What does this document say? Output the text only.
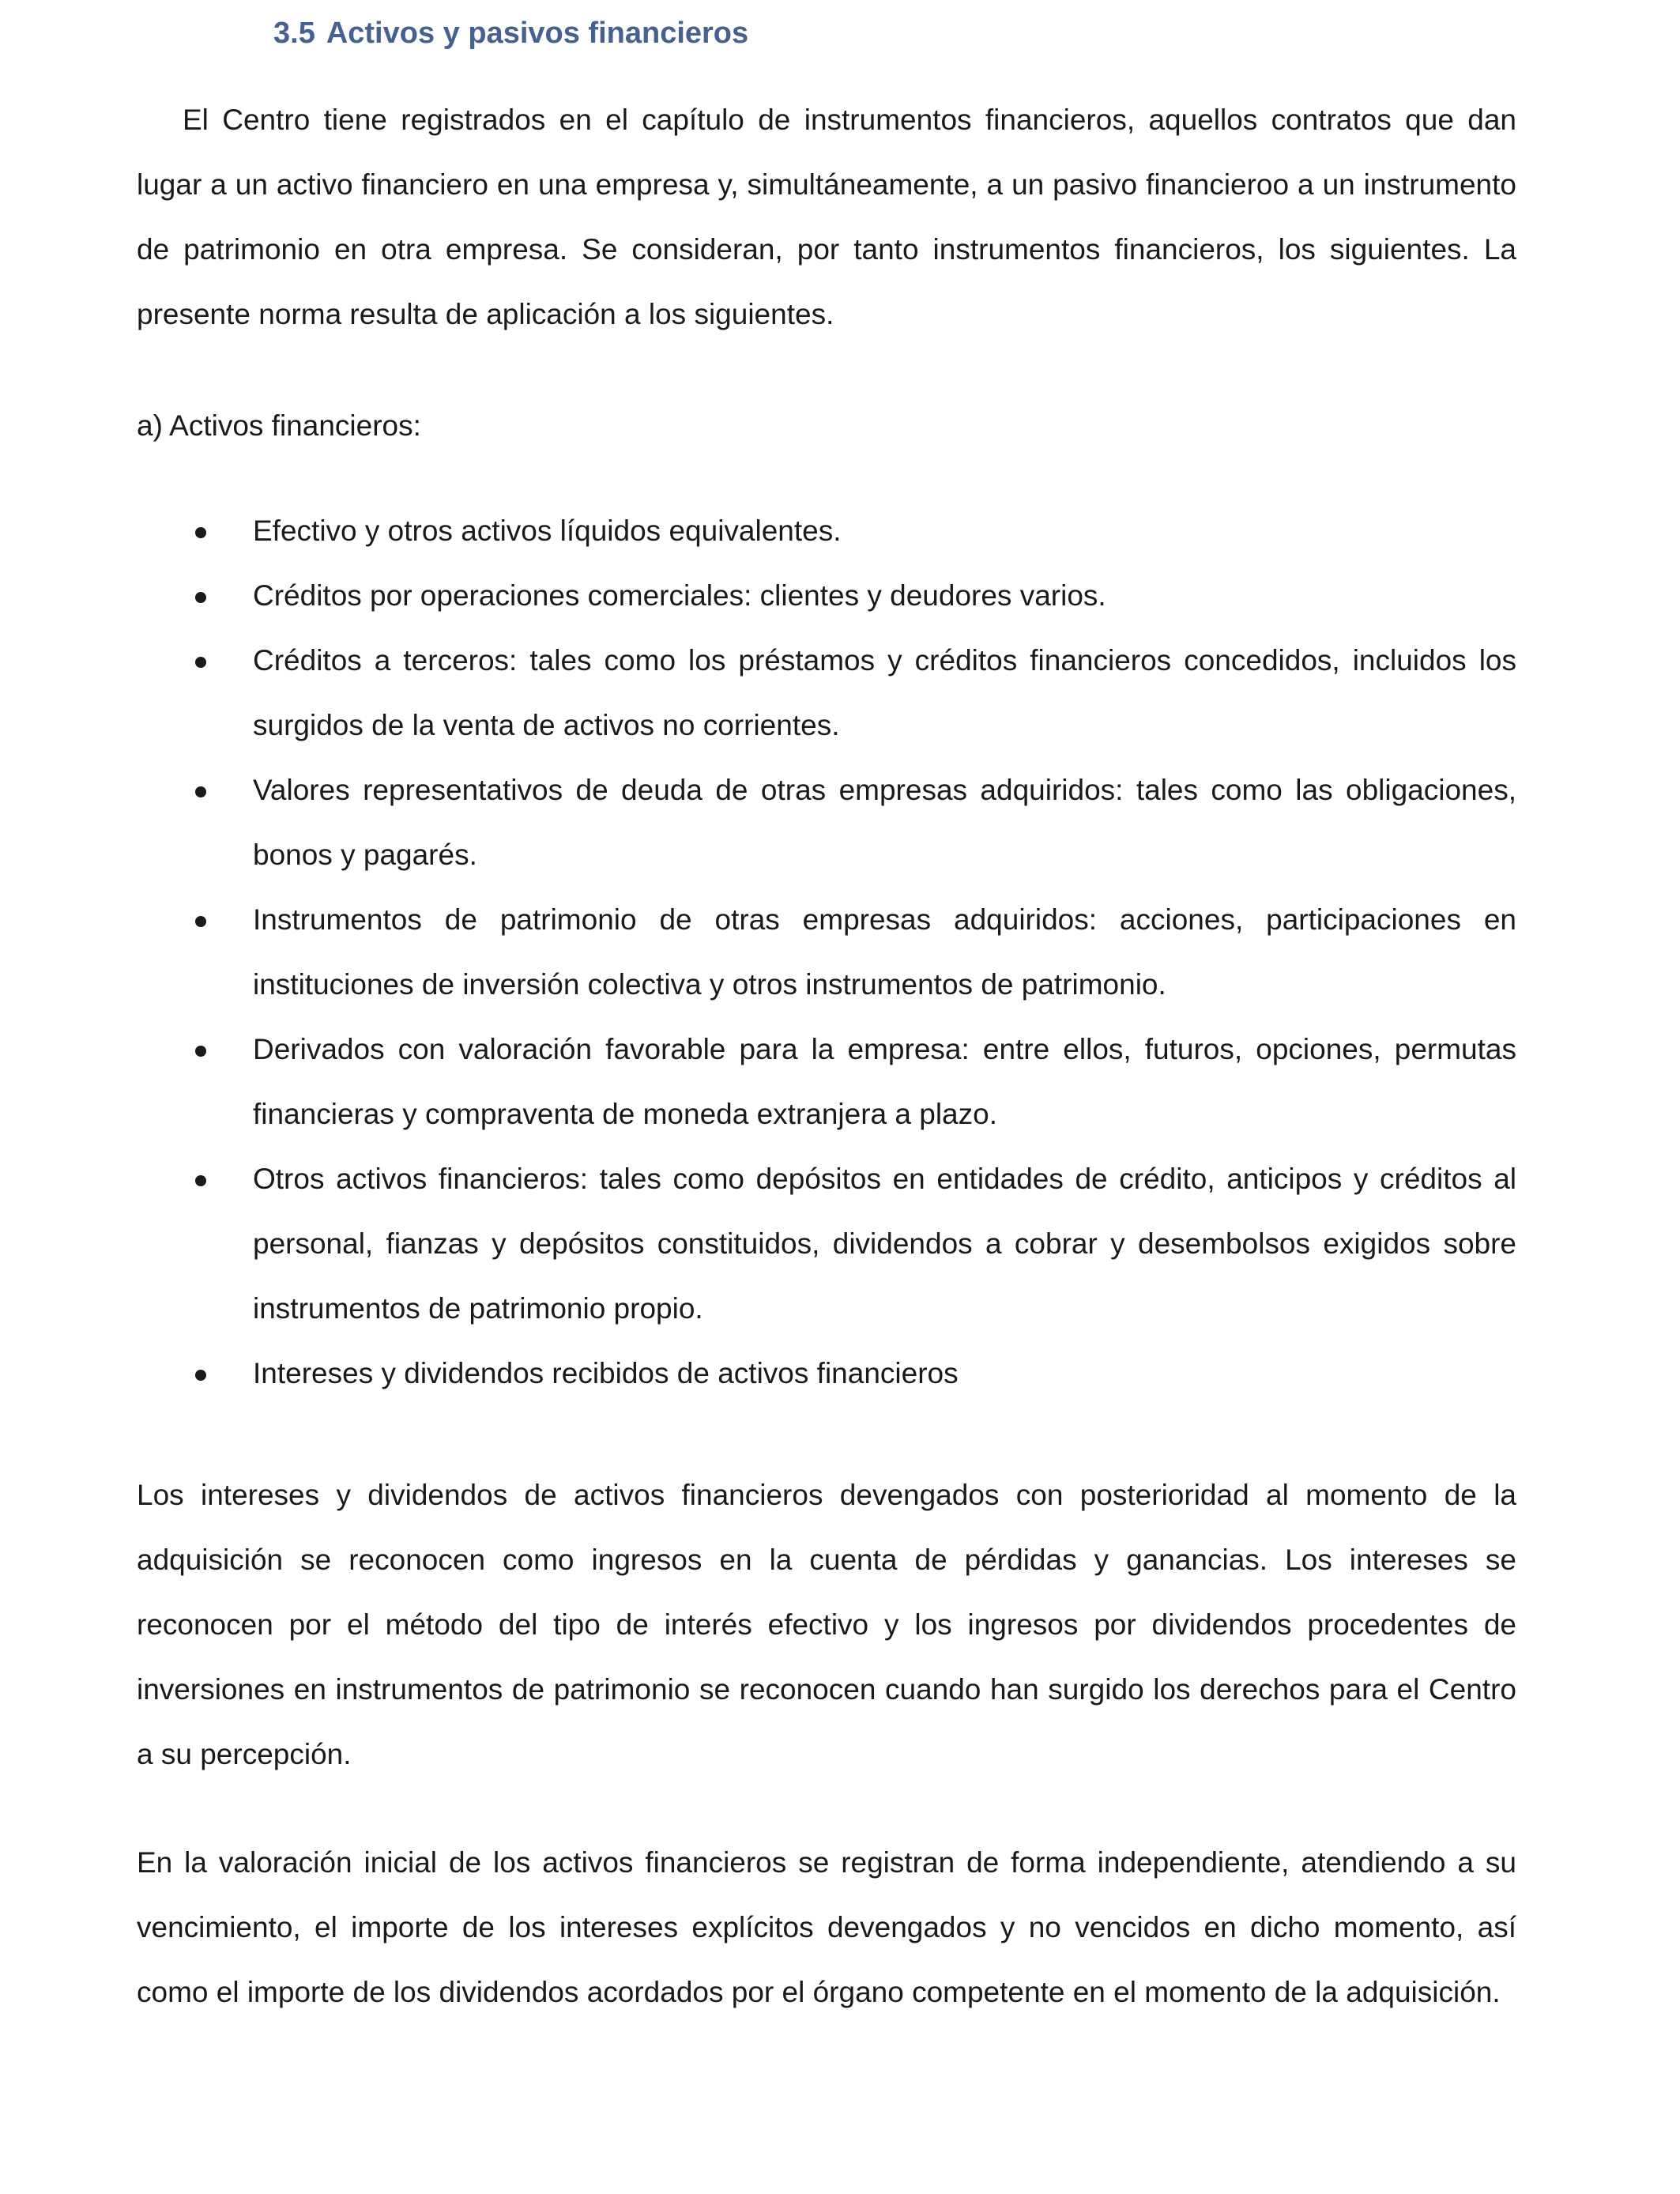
3.5 Activos y pasivos financieros

El Centro tiene registrados en el capítulo de instrumentos financieros, aquellos contratos que dan lugar a un activo financiero en una empresa y, simultáneamente, a un pasivo financieroo a un instrumento de patrimonio en otra empresa. Se consideran, por tanto instrumentos financieros, los siguientes. La presente norma resulta de aplicación a los siguientes.

a) Activos financieros:

Efectivo y otros activos líquidos equivalentes.
Créditos por operaciones comerciales: clientes y deudores varios.
Créditos a terceros: tales como los préstamos y créditos financieros concedidos, incluidos los surgidos de la venta de activos no corrientes.
Valores representativos de deuda de otras empresas adquiridos: tales como las obligaciones, bonos y pagarés.
Instrumentos de patrimonio de otras empresas adquiridos: acciones, participaciones en instituciones de inversión colectiva y otros instrumentos de patrimonio.
Derivados con valoración favorable para la empresa: entre ellos, futuros, opciones, permutas financieras y compraventa de moneda extranjera a plazo.
Otros activos financieros: tales como depósitos en entidades de crédito, anticipos y créditos al personal, fianzas y depósitos constituidos, dividendos a cobrar y desembolsos exigidos sobre instrumentos de patrimonio propio.
Intereses y dividendos recibidos de activos financieros

Los intereses y dividendos de activos financieros devengados con posterioridad al momento de la adquisición se reconocen como ingresos en la cuenta de pérdidas y ganancias. Los intereses se reconocen por el método del tipo de interés efectivo y los ingresos por dividendos procedentes de inversiones en instrumentos de patrimonio se reconocen cuando han surgido los derechos para el Centro a su percepción.

En la valoración inicial de los activos financieros se registran de forma independiente, atendiendo a su vencimiento, el importe de los intereses explícitos devengados y no vencidos en dicho momento, así como el importe de los dividendos acordados por el órgano competente en el momento de la adquisición.
